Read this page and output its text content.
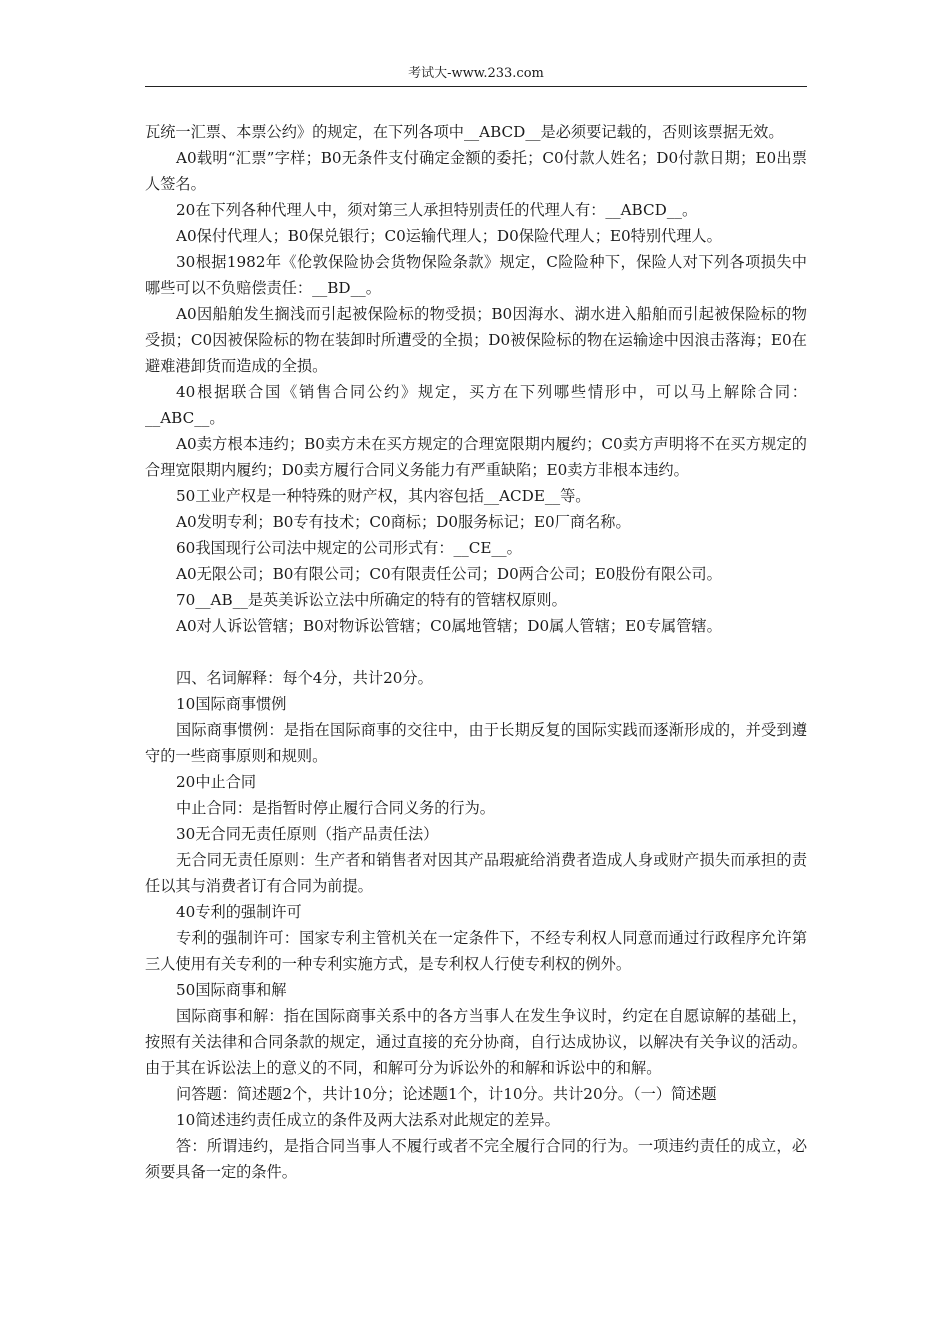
考试大-www.233.com

瓦统一汇票、本票公约》的规定，在下列各项中__ABCD__是必须要记载的，否则该票据无效。

A0载明“汇票”字样；B0无条件支付确定金额的委托；C0付款人姓名；D0付款日期；E0出票人签名。

20在下列各种代理人中，须对第三人承担特别责任的代理人有：__ABCD__。

A0保付代理人；B0保兑银行；C0运输代理人；D0保险代理人；E0特别代理人。

30根据1982年《伦敦保险协会货物保险条款》规定，C险险种下，保险人对下列各项损失中哪些可以不负赔偿责任：__BD__。

A0因船舶发生搁浅而引起被保险标的物受损；B0因海水、湖水进入船舶而引起被保险标的物受损；C0因被保险标的物在装卸时所遭受的全损；D0被保险标的物在运输途中因浪击落海；E0在避难港卸货而造成的全损。

40根据联合国《销售合同公约》规定，买方在下列哪些情形中，可以马上解除合同：__ABC__。

A0卖方根本违约；B0卖方未在买方规定的合理宽限期内履约；C0卖方声明将不在买方规定的合理宽限期内履约；D0卖方履行合同义务能力有严重缺陷；E0卖方非根本违约。

50工业产权是一种特殊的财产权，其内容包括__ACDE__等。

A0发明专利；B0专有技术；C0商标；D0服务标记；E0厂商名称。

60我国现行公司法中规定的公司形式有：__CE__。

A0无限公司；B0有限公司；C0有限责任公司；D0两合公司；E0股份有限公司。

70__AB__是英美诉讼立法中所确定的特有的管辖权原则。

A0对人诉讼管辖；B0对物诉讼管辖；C0属地管辖；D0属人管辖；E0专属管辖。

四、名词解释：每个4分，共计20分。

10国际商事惯例

国际商事惯例：是指在国际商事的交往中，由于长期反复的国际实践而逐渐形成的，并受到遵守的一些商事原则和规则。

20中止合同

中止合同：是指暂时停止履行合同义务的行为。

30无合同无责任原则（指产品责任法）

无合同无责任原则：生产者和销售者对因其产品瑕疵给消费者造成人身或财产损失而承担的责任以其与消费者订有合同为前提。

40专利的强制许可

专利的强制许可：国家专利主管机关在一定条件下，不经专利权人同意而通过行政程序允许第三人使用有关专利的一种专利实施方式，是专利权人行使专利权的例外。

50国际商事和解

国际商事和解：指在国际商事关系中的各方当事人在发生争议时，约定在自愿谅解的基础上，按照有关法律和合同条款的规定，通过直接的充分协商，自行达成协议，以解决有关争议的活动。由于其在诉讼法上的意义的不同，和解可分为诉讼外的和解和诉讼中的和解。

问答题：简述题2个，共计10分；论述题1个，计10分。共计20分。（一）简述题

10简述违约责任成立的条件及两大法系对此规定的差异。

答：所谓违约，是指合同当事人不履行或者不完全履行合同的行为。一项违约责任的成立，必须要具备一定的条件。
